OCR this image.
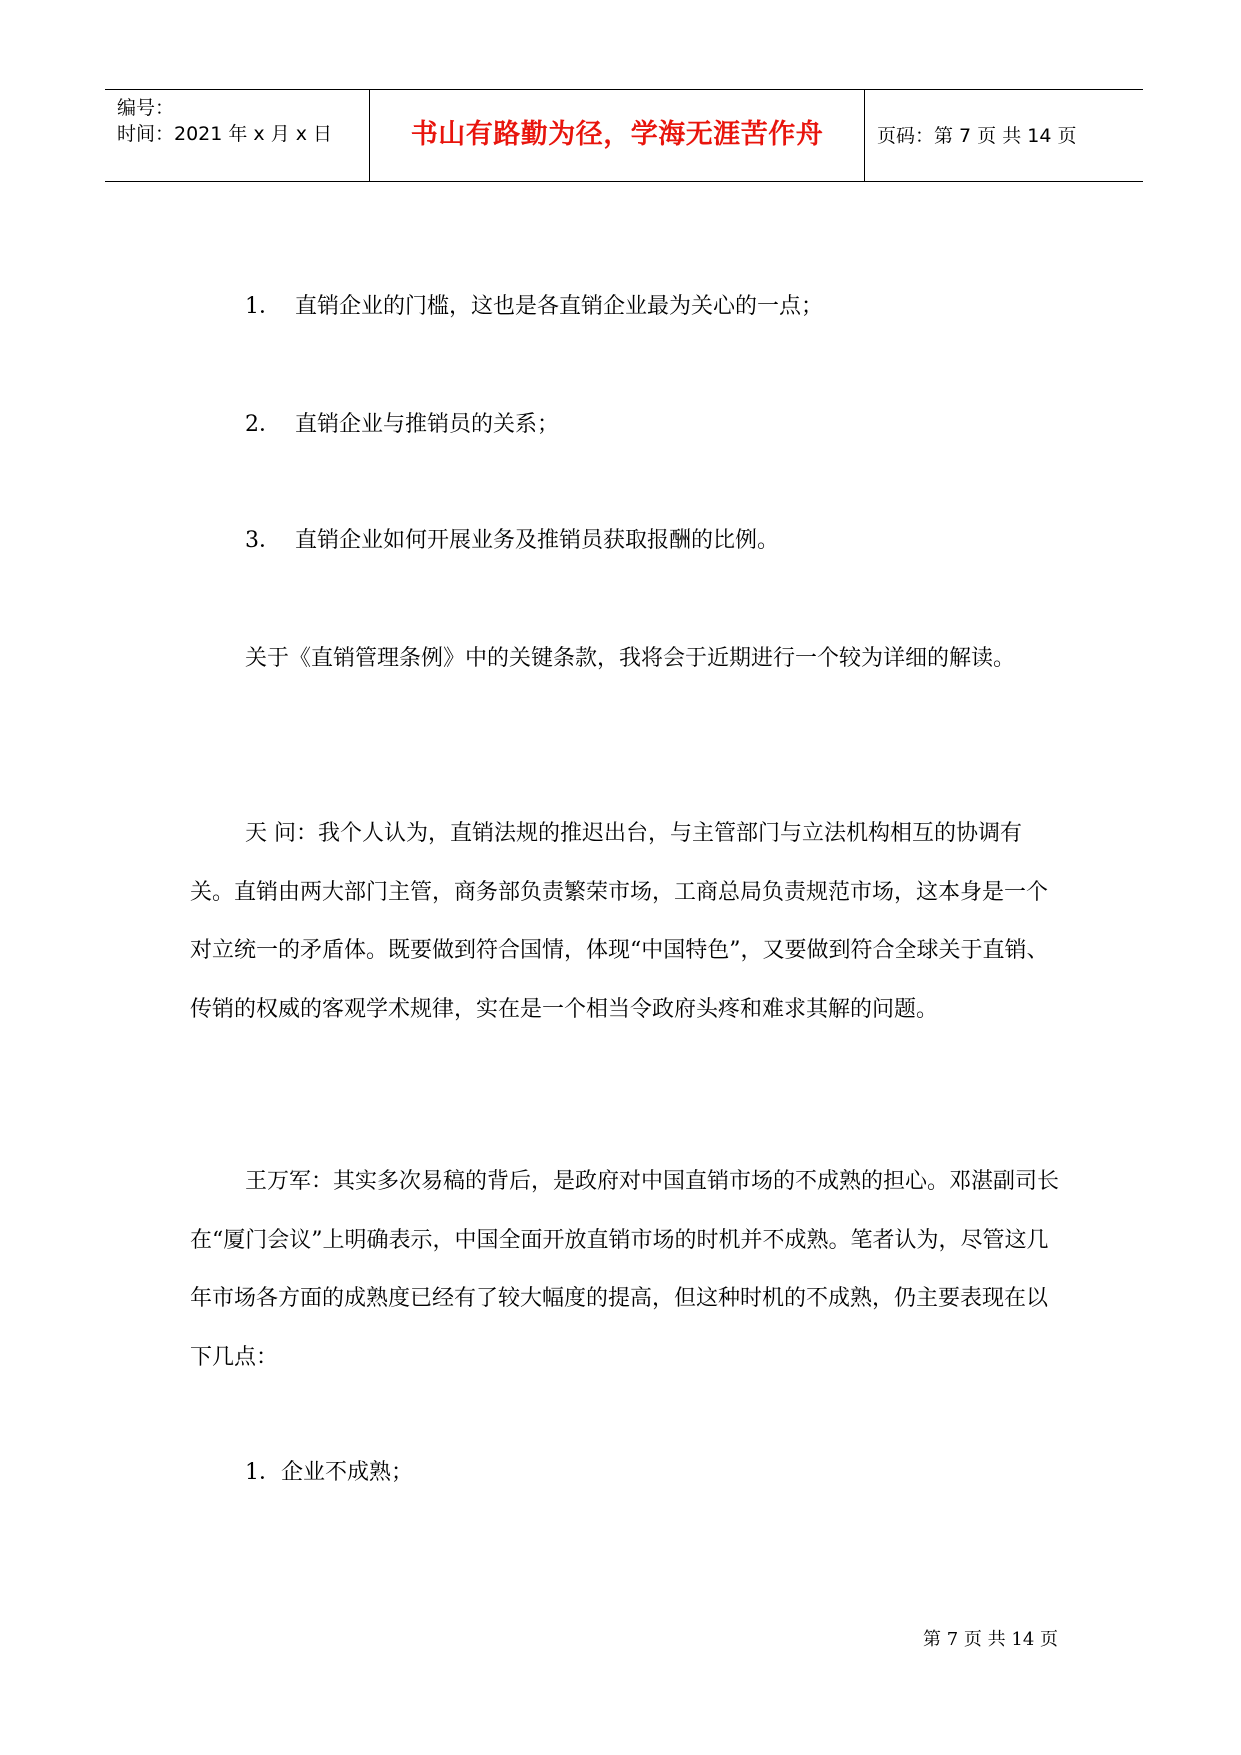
编号：
时间：2021 年 x 月 x 日	书山有路勤为径，学海无涯苦作舟	页码：第 7 页 共 14 页
1． 直销企业的门槛，这也是各直销企业最为关心的一点；
2． 直销企业与推销员的关系；
3． 直销企业如何开展业务及推销员获取报酬的比例。
关于《直销管理条例》中的关键条款，我将会于近期进行一个较为详细的解读。
天 问：我个人认为，直销法规的推迟出台，与主管部门与立法机构相互的协调有关。直销由两大部门主管，商务部负责繁荣市场，工商总局负责规范市场，这本身是一个对立统一的矛盾体。既要做到符合国情，体现“中国特色”，又要做到符合全球关于直销、传销的权威的客观学术规律，实在是一个相当令政府头疼和难求其解的问题。
王万军：其实多次易稿的背后，是政府对中国直销市场的不成熟的担心。邓湛副司长在“厦门会议”上明确表示，中国全面开放直销市场的时机并不成熟。笔者认为，尽管这几年市场各方面的成熟度已经有了较大幅度的提高，但这种时机的不成熟，仍主要表现在以下几点：
1．企业不成熟；
第 7 页 共 14 页
